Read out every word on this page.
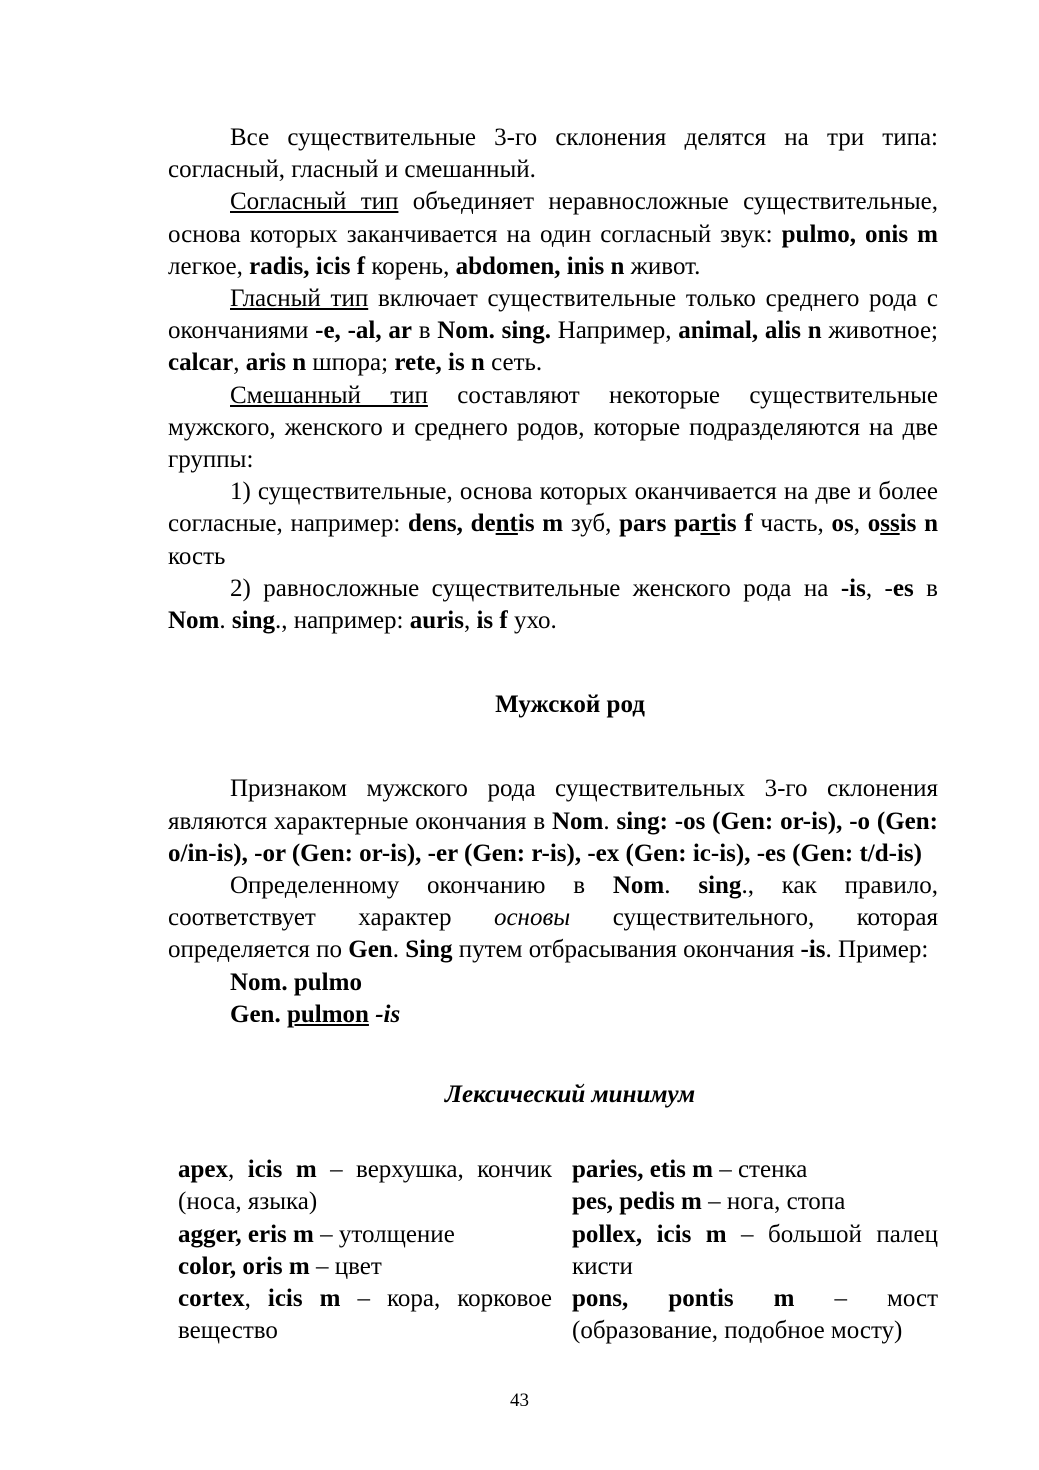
Все существительные 3-го склонения делятся на три типа: согласный, гласный и смешанный.

Согласный тип объединяет неравносложные существительные, основа которых заканчивается на один согласный звук: pulmo, onis m легкое, radis, icis f корень, abdomen, inis n живот.

Гласный тип включает существительные только среднего рода с окончаниями -e, -al, ar в Nom. sing. Например, animal, alis n животное; calcar, aris n шпора; rete, is n сеть.

Смешанный тип составляют некоторые существительные мужского, женского и среднего родов, которые подразделяются на две группы:

1) существительные, основа которых оканчивается на две и более согласные, например: dens, dentis m зуб, pars partis f часть, os, ossis n кость

2) равносложные существительные женского рода на -is, -es в Nom. sing., например: auris, is f ухо.

Мужской род

Признаком мужского рода существительных 3-го склонения являются характерные окончания в Nom. sing: -os (Gen: or-is), -o (Gen: o/in-is), -or (Gen: or-is), -er (Gen: r-is), -ex (Gen: ic-is), -es (Gen: t/d-is)

Определенному окончанию в Nom. sing., как правило, соответствует характер основы существительного, которая определяется по Gen. Sing путем отбрасывания окончания -is. Пример:

Nom. pulmo
Gen. pulmon -is
Лексический минимум

apex, icis m – верхушка, кончик (носа, языка)

agger, eris m – утолщение

color, oris m – цвет

cortex, icis m – кора, корковое вещество

paries, etis m – стенка

pes, pedis m – нога, стопа

pollex, icis m – большой палец кисти

pons, pontis m – мост (образование, подобное мосту)

43
